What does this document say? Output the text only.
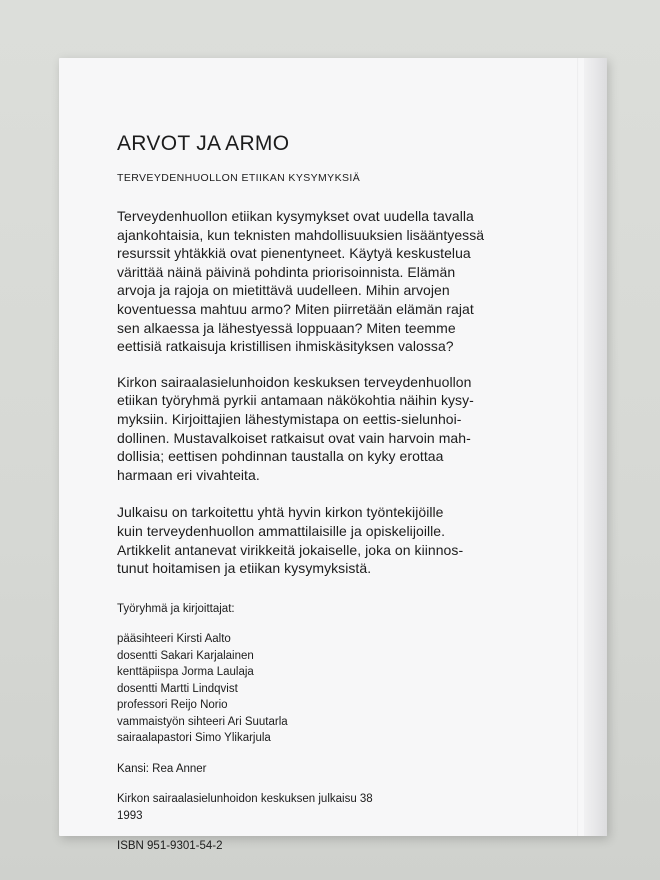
ARVOT JA ARMO
TERVEYDENHUOLLON ETIIKAN KYSYMYKSIÄ

Terveydenhuollon etiikan kysymykset ovat uudella tavalla
ajankohtaisia, kun teknisten mahdollisuuksien lisääntyessä
resurssit yhtäkkiä ovat pienentyneet. Käytyä keskustelua
värittää näinä päivinä pohdinta priorisoinnista. Elämän
arvoja ja rajoja on mietittävä uudelleen. Mihin arvojen
koventuessa mahtuu armo? Miten piirretään elämän rajat
sen alkaessa ja lähestyessä loppuaan? Miten teemme
eettisiä ratkaisuja kristillisen ihmiskäsityksen valossa?

Kirkon sairaalasielunhoidon keskuksen terveydenhuollon
etiikan työryhmä pyrkii antamaan näkökohtia näihin kysy-
myksiin. Kirjoittajien lähestymistapa on eettis-sielunhoi-
dollinen. Mustavalkoiset ratkaisut ovat vain harvoin mah-
dollisia; eettisen pohdinnan taustalla on kyky erottaa
harmaan eri vivahteita.

Julkaisu on tarkoitettu yhtä hyvin kirkon työntekijöille
kuin terveydenhuollon ammattilaisille ja opiskelijoille.
Artikkelit antanevat virikkeitä jokaiselle, joka on kiinnos-
tunut hoitamisen ja etiikan kysymyksistä.

Työryhmä ja kirjoittajat:

pääsihteeri Kirsti Aalto
dosentti Sakari Karjalainen
kenttäpiispa Jorma Laulaja
dosentti Martti Lindqvist
professori Reijo Norio
vammaistyön sihteeri Ari Suutarla
sairaalapastori Simo Ylikarjula

Kansi: Rea Anner

Kirkon sairaalasielunhoidon keskuksen julkaisu 38
1993

ISBN 951-9301-54-2
